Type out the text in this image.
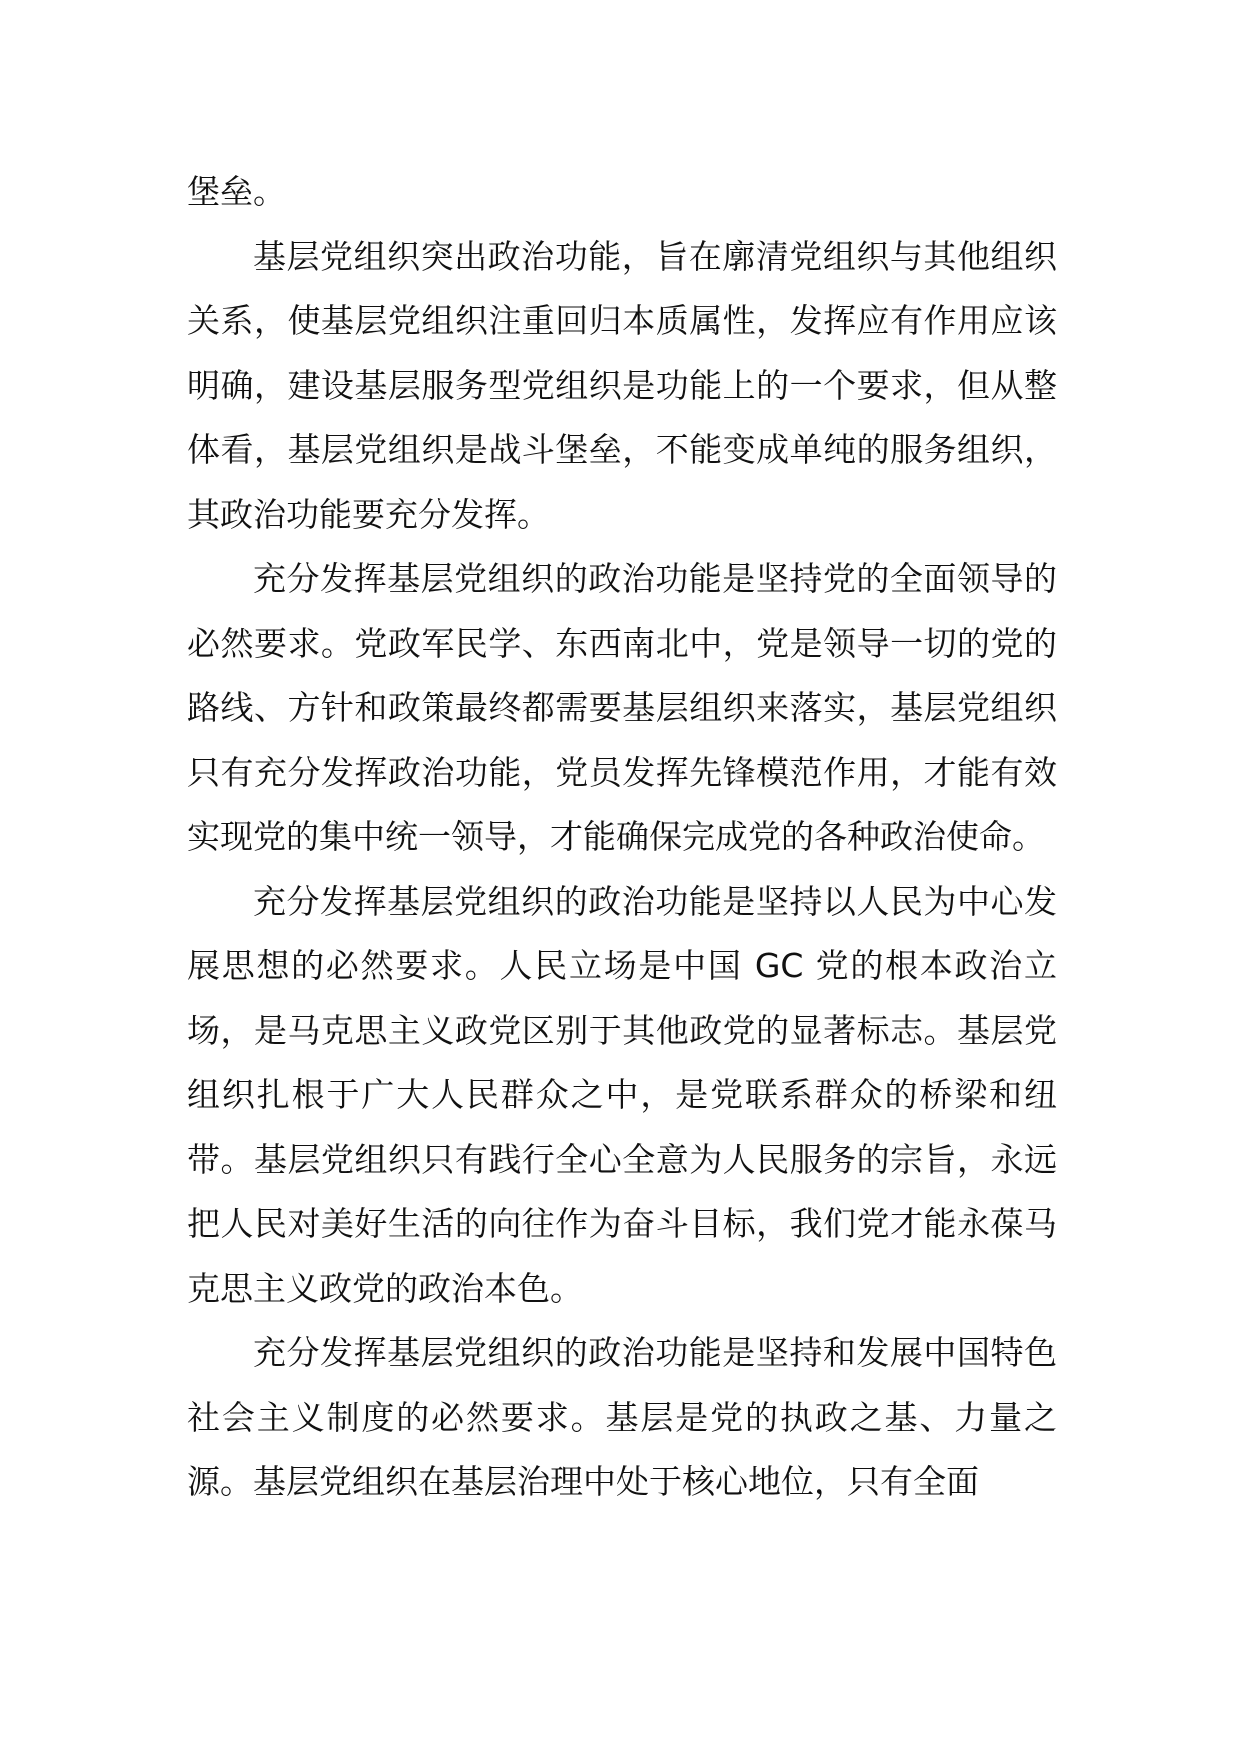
堡垒。

基层党组织突出政治功能，旨在廓清党组织与其他组织关系，使基层党组织注重回归本质属性，发挥应有作用应该明确，建设基层服务型党组织是功能上的一个要求，但从整体看，基层党组织是战斗堡垒，不能变成单纯的服务组织，其政治功能要充分发挥。

充分发挥基层党组织的政治功能是坚持党的全面领导的必然要求。党政军民学、东西南北中，党是领导一切的党的路线、方针和政策最终都需要基层组织来落实，基层党组织只有充分发挥政治功能，党员发挥先锋模范作用，才能有效实现党的集中统一领导，才能确保完成党的各种政治使命。

充分发挥基层党组织的政治功能是坚持以人民为中心发展思想的必然要求。人民立场是中国 GC 党的根本政治立场，是马克思主义政党区别于其他政党的显著标志。基层党组织扎根于广大人民群众之中，是党联系群众的桥梁和纽带。基层党组织只有践行全心全意为人民服务的宗旨，永远把人民对美好生活的向往作为奋斗目标，我们党才能永葆马克思主义政党的政治本色。

充分发挥基层党组织的政治功能是坚持和发展中国特色社会主义制度的必然要求。基层是党的执政之基、力量之源。基层党组织在基层治理中处于核心地位，只有全面
